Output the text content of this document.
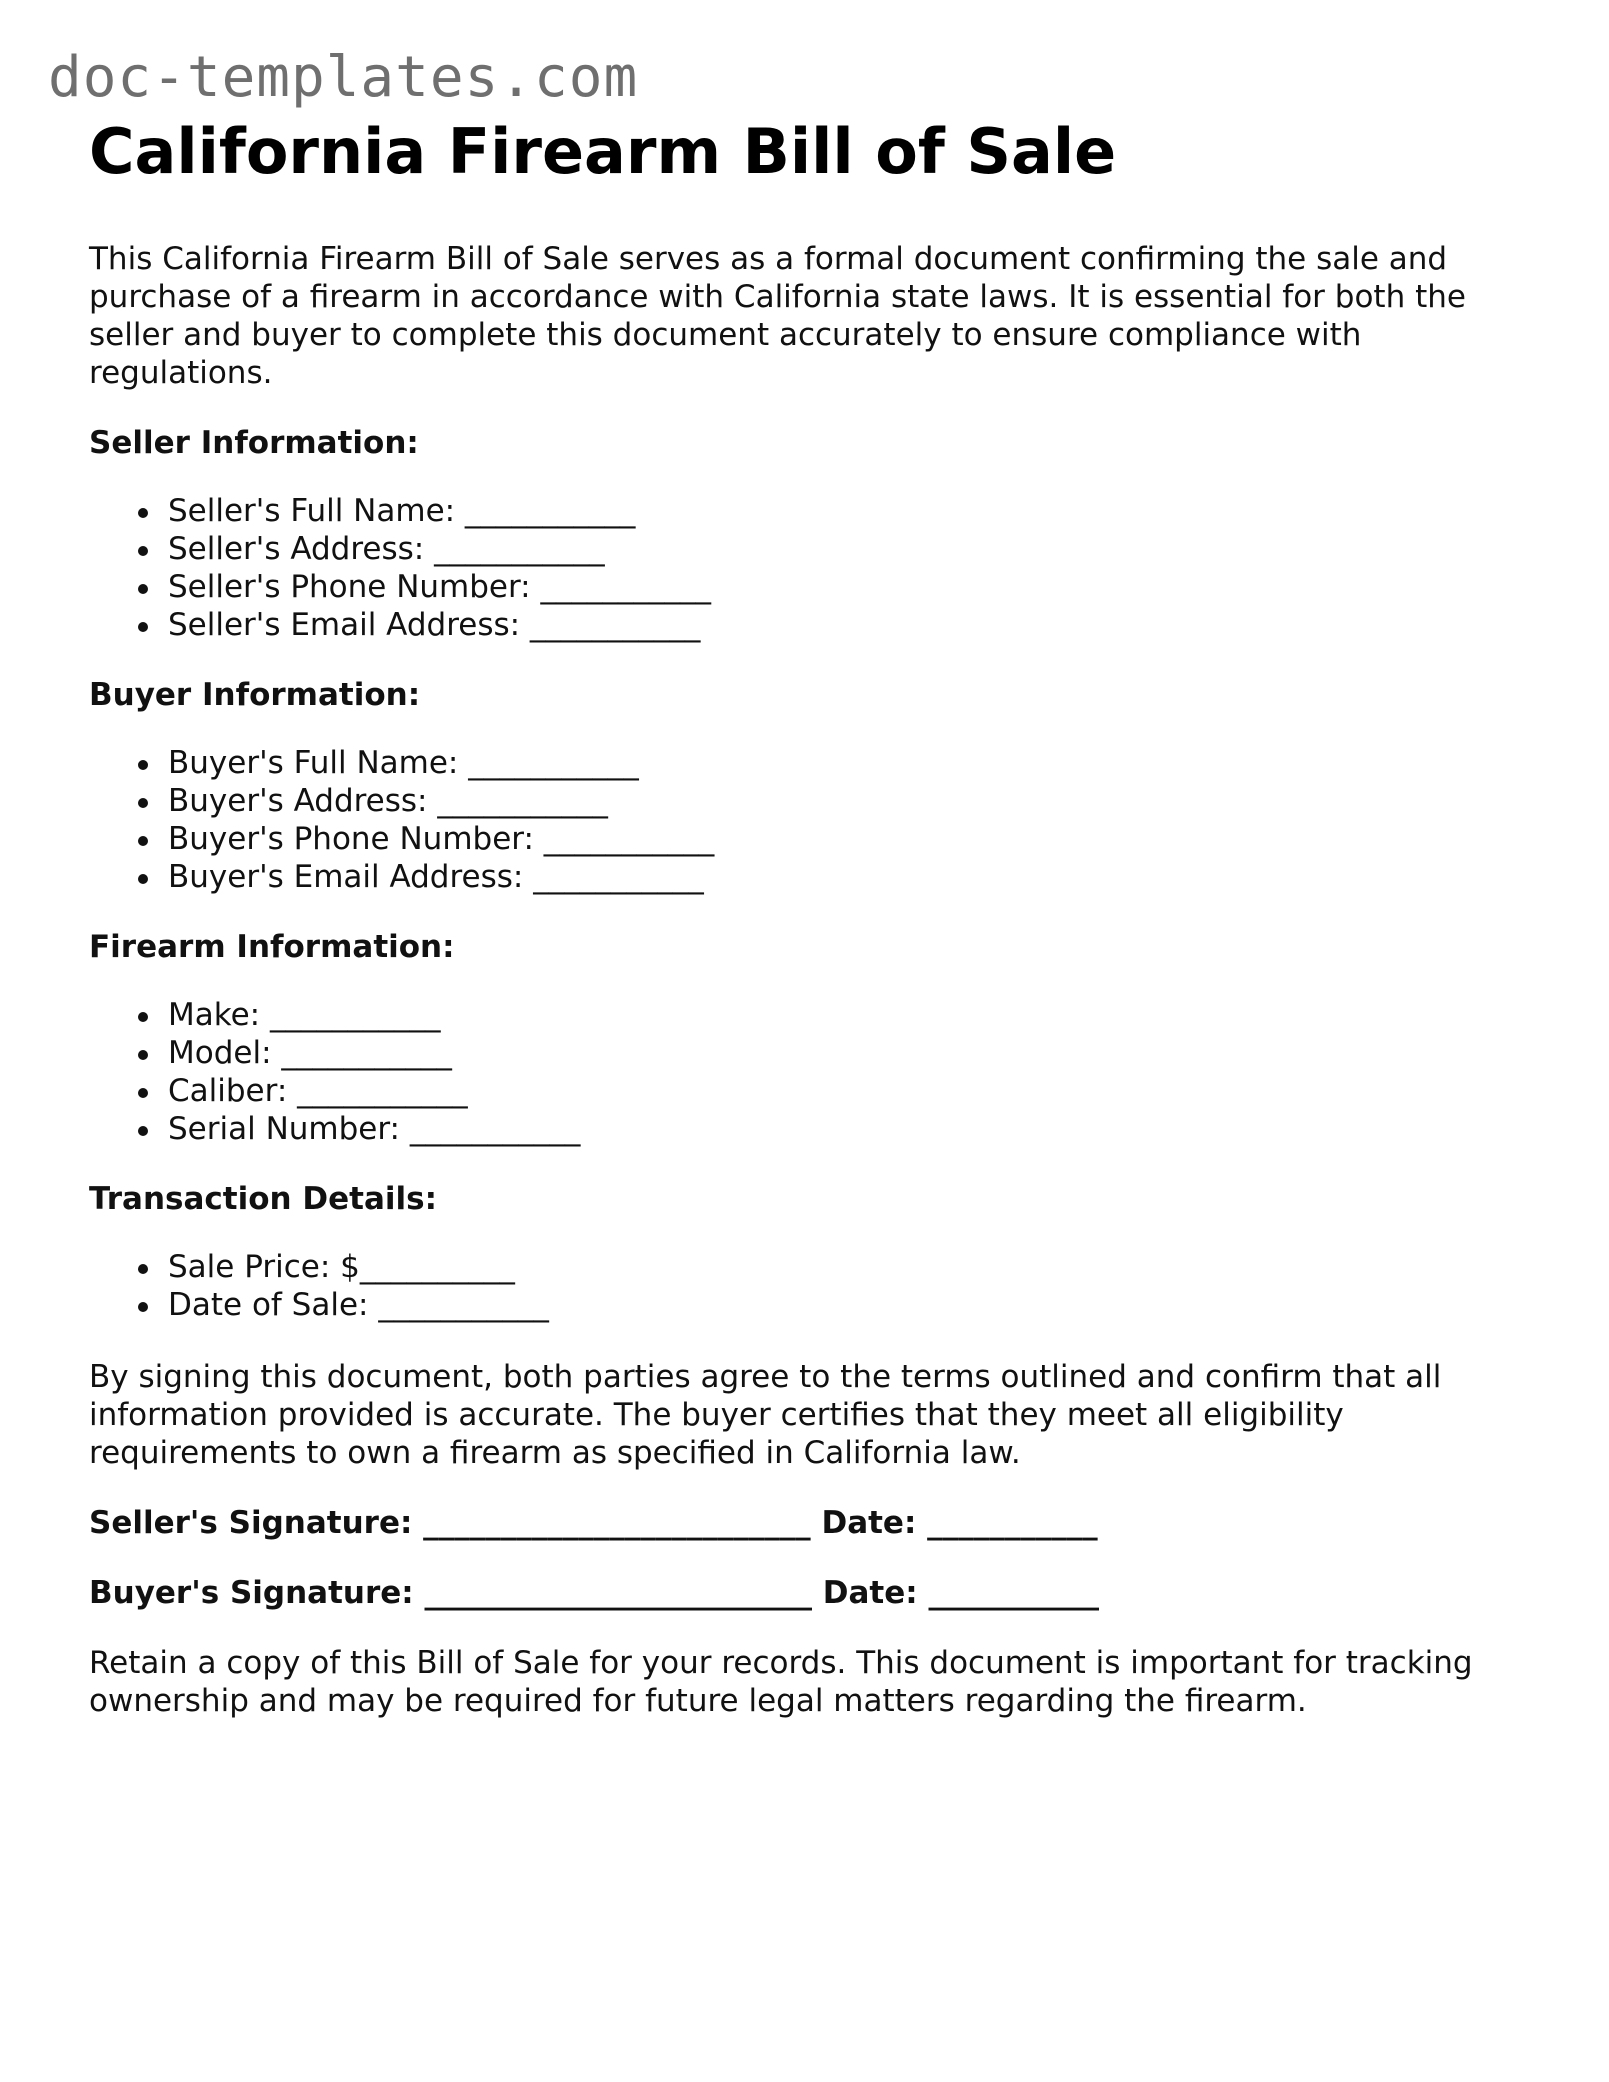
doc-templates.com
California Firearm Bill of Sale

This California Firearm Bill of Sale serves as a formal document confirming the sale and purchase of a firearm in accordance with California state laws. It is essential for both the seller and buyer to complete this document accurately to ensure compliance with regulations.

Seller Information:
Seller's Full Name: ___________
Seller's Address: ___________
Seller's Phone Number: ___________
Seller's Email Address: ___________
Buyer Information:
Buyer's Full Name: ___________
Buyer's Address: ___________
Buyer's Phone Number: ___________
Buyer's Email Address: ___________
Firearm Information:
Make: ___________
Model: ___________
Caliber: ___________
Serial Number: ___________
Transaction Details:
Sale Price: $__________
Date of Sale: ___________

By signing this document, both parties agree to the terms outlined and confirm that all information provided is accurate. The buyer certifies that they meet all eligibility requirements to own a firearm as specified in California law.

Seller's Signature: _________________________ Date: ___________
Buyer's Signature: _________________________ Date: ___________

Retain a copy of this Bill of Sale for your records. This document is important for tracking ownership and may be required for future legal matters regarding the firearm.
